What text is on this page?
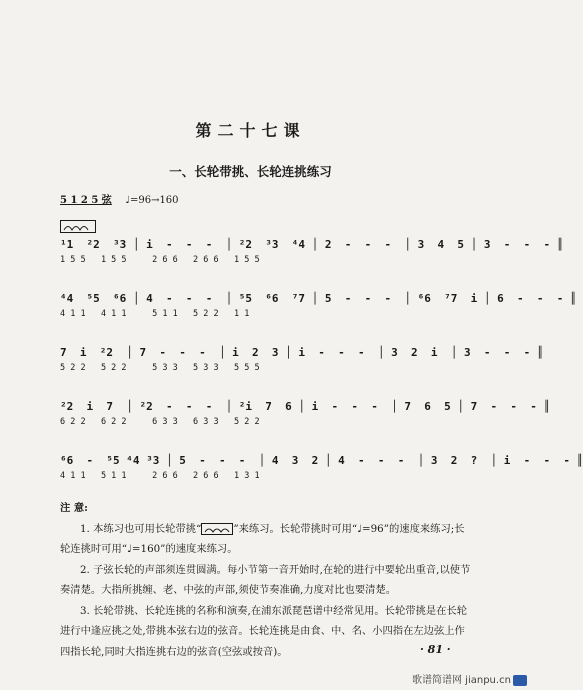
第二十七课
一、长轮带挑、长轮连挑练习
5 1 2 5 弦 ♩=96→160
¹1  ²2  ³3 │ i  -  -  -  │ ²2  ³3  ⁴4 │ 2  -  -  -  │ 3  4  5 │ 3  -  -  - ║
1 5 5   1 5 5     2 6 6   2 6 6   1 5 5
⁴4  ⁵5  ⁶6 │ 4  -  -  -  │ ⁵5  ⁶6  ⁷7 │ 5  -  -  -  │ ⁶6  ⁷7  i │ 6  -  -  - ║
4 1 1   4 1 1     5 1 1   5 2 2   1 1
7  i  ²2  │ 7  -  -  -  │ i  2  3 │ i  -  -  -  │ 3  2  i  │ 3  -  -  - ║
5 2 2   5 2 2     5 3 3   5 3 3   5 5 5
²2  i  7  │ ²2  -  -  -  │ ²i  7  6 │ i  -  -  -  │ 7  6  5 │ 7  -  -  - ║
6 2 2   6 2 2     6 3 3   6 3 3   5 2 2
⁶6  -  ⁵5 ⁴4 ³3 │ 5  -  -  -  │ 4  3  2 │ 4  -  -  -  │ 3  2  ?  │ i  -  -  - ║
4 1 1   5 1 1     2 6 6   2 6 6   1 3 1
注 意:

1. 本练习也可用长轮带挑“	”来练习。长轮带挑时可用“♩=96”的速度来练习;长轮连挑时可用“♩=160”的速度来练习。

2. 子弦长轮的声部须连贯圆满。每小节第一音开始时,在轮的进行中要轮出重音,以使节奏清楚。大指所挑缠、老、中弦的声部,须使节奏准确,力度对比也要清楚。

3. 长轮带挑、长轮连挑的名称和演奏,在浦东派琵琶谱中经常见用。长轮带挑是在长轮进行中逢应挑之处,带挑本弦右边的弦音。长轮连挑是由食、中、名、小四指在左边弦上作四指长轮,同时大指连挑右边的弦音(空弦或按音)。	· 81 ·
歌谱简谱网 jianpu.cn
